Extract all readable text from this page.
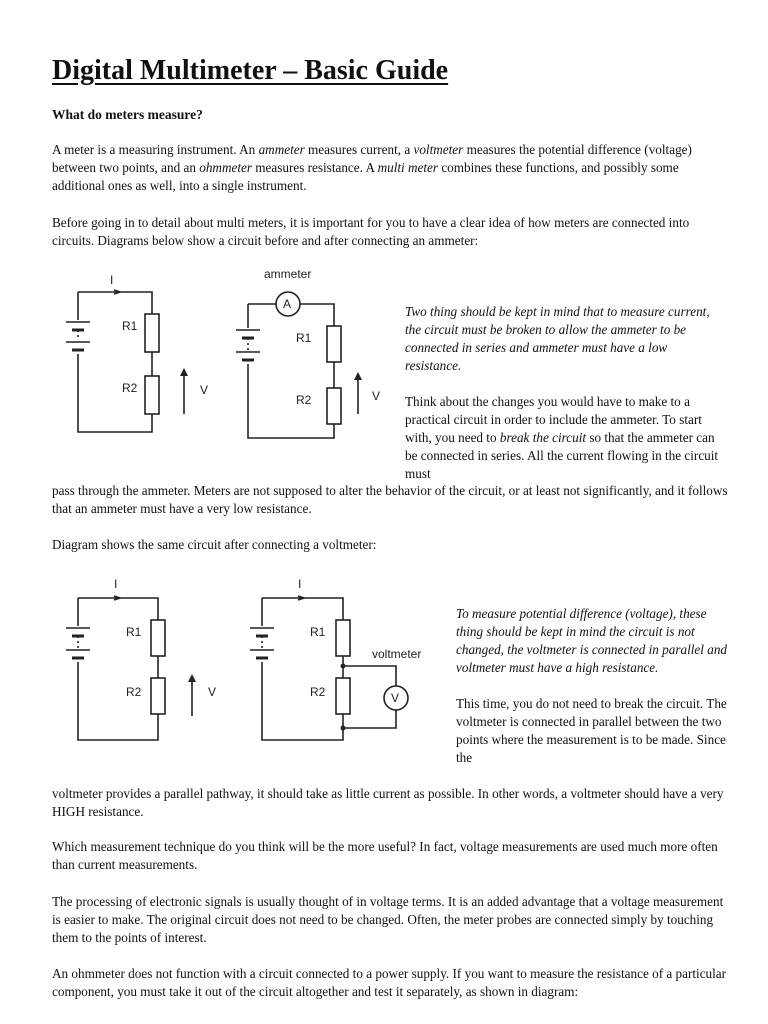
Digital Multimeter – Basic Guide
What do meters measure?

A meter is a measuring instrument. An ammeter measures current, a voltmeter measures the potential difference (voltage) between two points, and an ohmmeter measures resistance. A multi meter combines these functions, and possibly some additional ones as well, into a single instrument.

Before going in to detail about multi meters, it is important for you to have a clear idea of how meters are connected into circuits. Diagrams below show a circuit before and after connecting an ammeter:

I
R1
R2	V
A
ammeter
R1
R2	V

Two thing should be kept in mind that to measure current, the circuit must be broken to allow the ammeter to be connected in series and ammeter must have a low resistance.

Think about the changes you would have to make to a practical circuit in order to include the ammeter. To start with, you need to break the circuit so that the ammeter can be connected in series. All the current flowing in the circuit must

pass through the ammeter. Meters are not supposed to alter the behavior of the circuit, or at least not significantly, and it follows that an ammeter must have a very low resistance.

Diagram shows the same circuit after connecting a voltmeter:

I
R1
R2	V
I
R1
R2	V
voltmeter

To measure potential difference (voltage), these thing should be kept in mind the circuit is not changed, the voltmeter is connected in parallel and voltmeter must have a high resistance.

This time, you do not need to break the circuit. The voltmeter is connected in parallel between the two points where the measurement is to be made. Since the

voltmeter provides a parallel pathway, it should take as little current as possible. In other words, a voltmeter should have a very HIGH resistance.

Which measurement technique do you think will be the more useful? In fact, voltage measurements are used much more often than current measurements.

The processing of electronic signals is usually thought of in voltage terms. It is an added advantage that a voltage measurement is easier to make. The original circuit does not need to be changed. Often, the meter probes are connected simply by touching them to the points of interest.

An ohmmeter does not function with a circuit connected to a power supply. If you want to measure the resistance of a particular component, you must take it out of the circuit altogether and test it separately, as shown in diagram:
